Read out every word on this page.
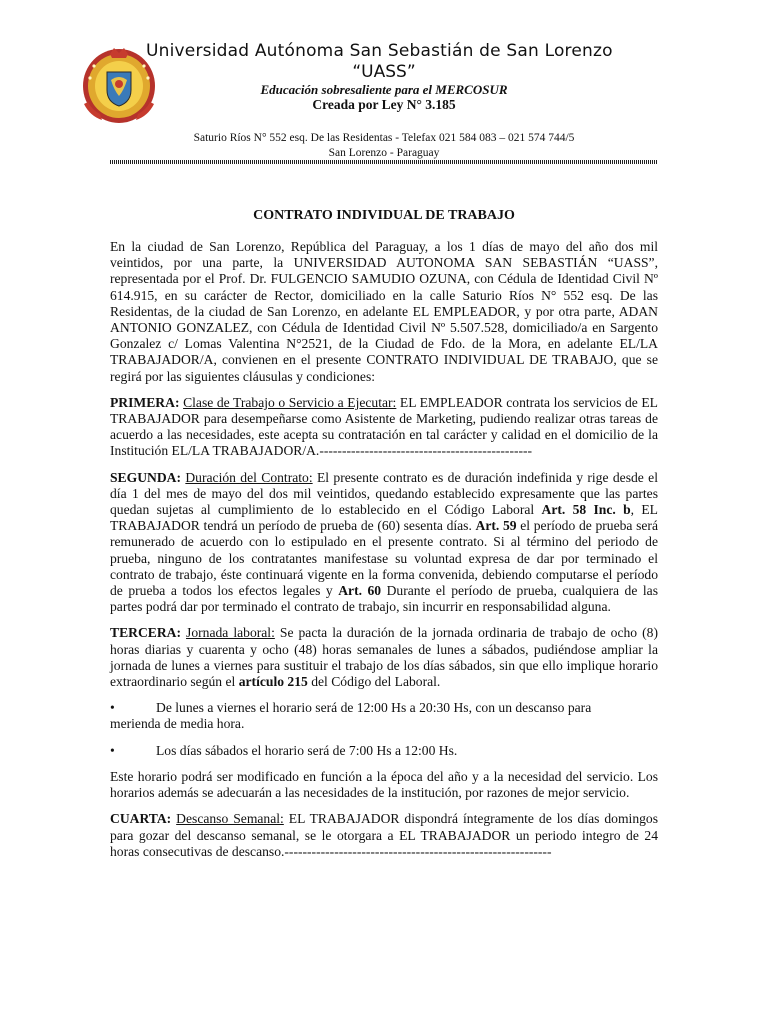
Universidad Autónoma San Sebastián de San Lorenzo
“UASS”
Educación sobresaliente para el MERCOSUR
Creada por Ley N° 3.185
Saturio Ríos N° 552 esq. De las Residentas - Telefax 021 584 083 – 021 574 744/5
San Lorenzo - Paraguay
CONTRATO INDIVIDUAL DE TRABAJO

En la ciudad de San Lorenzo, República del Paraguay, a los 1 días de mayo del año dos mil veintidos, por una parte, la UNIVERSIDAD AUTONOMA SAN SEBASTIÁN “UASS”, representada por el Prof. Dr. FULGENCIO SAMUDIO OZUNA, con Cédula de Identidad Civil Nº 614.915, en su carácter de Rector, domiciliado en la calle Saturio Ríos N° 552 esq. De las Residentas, de la ciudad de San Lorenzo, en adelante EL EMPLEADOR, y por otra parte, ADAN ANTONIO GONZALEZ, con Cédula de Identidad Civil Nº 5.507.528, domiciliado/a en Sargento Gonzalez c/ Lomas Valentina N°2521, de la Ciudad de Fdo. de la Mora, en adelante EL/LA TRABAJADOR/A, convienen en el presente CONTRATO INDIVIDUAL DE TRABAJO, que se regirá por las siguientes cláusulas y condiciones:

PRIMERA: Clase de Trabajo o Servicio a Ejecutar: EL EMPLEADOR contrata los servicios de EL TRABAJADOR para desempeñarse como Asistente de Marketing, pudiendo realizar otras tareas de acuerdo a las necesidades, este acepta su contratación en tal carácter y calidad en el domicilio de la Institución EL/LA TRABAJADOR/A.-----------------------------------------------

SEGUNDA: Duración del Contrato: El presente contrato es de duración indefinida y rige desde el día 1 del mes de mayo del dos mil veintidos, quedando establecido expresamente que las partes quedan sujetas al cumplimiento de lo establecido en el Código Laboral Art. 58 Inc. b, EL TRABAJADOR tendrá un período de prueba de (60) sesenta días. Art. 59 el período de prueba será remunerado de acuerdo con lo estipulado en el presente contrato. Si al término del periodo de prueba, ninguno de los contratantes manifestase su voluntad expresa de dar por terminado el contrato de trabajo, éste continuará vigente en la forma convenida, debiendo computarse el período de prueba a todos los efectos legales y Art. 60 Durante el período de prueba, cualquiera de las partes podrá dar por terminado el contrato de trabajo, sin incurrir en responsabilidad alguna.

TERCERA: Jornada laboral: Se pacta la duración de la jornada ordinaria de trabajo de ocho (8) horas diarias y cuarenta y ocho (48) horas semanales de lunes a sábados, pudiéndose ampliar la jornada de lunes a viernes para sustituir el trabajo de los días sábados, sin que ello implique horario extraordinario según el artículo 215 del Código del Laboral.

•	De lunes a viernes el horario será de 12:00 Hs a 20:30 Hs, con un descanso para
merienda de media hora.
•	Los días sábados el horario será de 7:00 Hs a 12:00 Hs.

Este horario podrá ser modificado en función a la época del año y a la necesidad del servicio. Los horarios además se adecuarán a las necesidades de la institución, por razones de mejor servicio.

CUARTA: Descanso Semanal: EL TRABAJADOR dispondrá íntegramente de los días domingos para gozar del descanso semanal, se le otorgara a EL TRABAJADOR un periodo integro de 24 horas consecutivas de descanso.-----------------------------------------------------------
